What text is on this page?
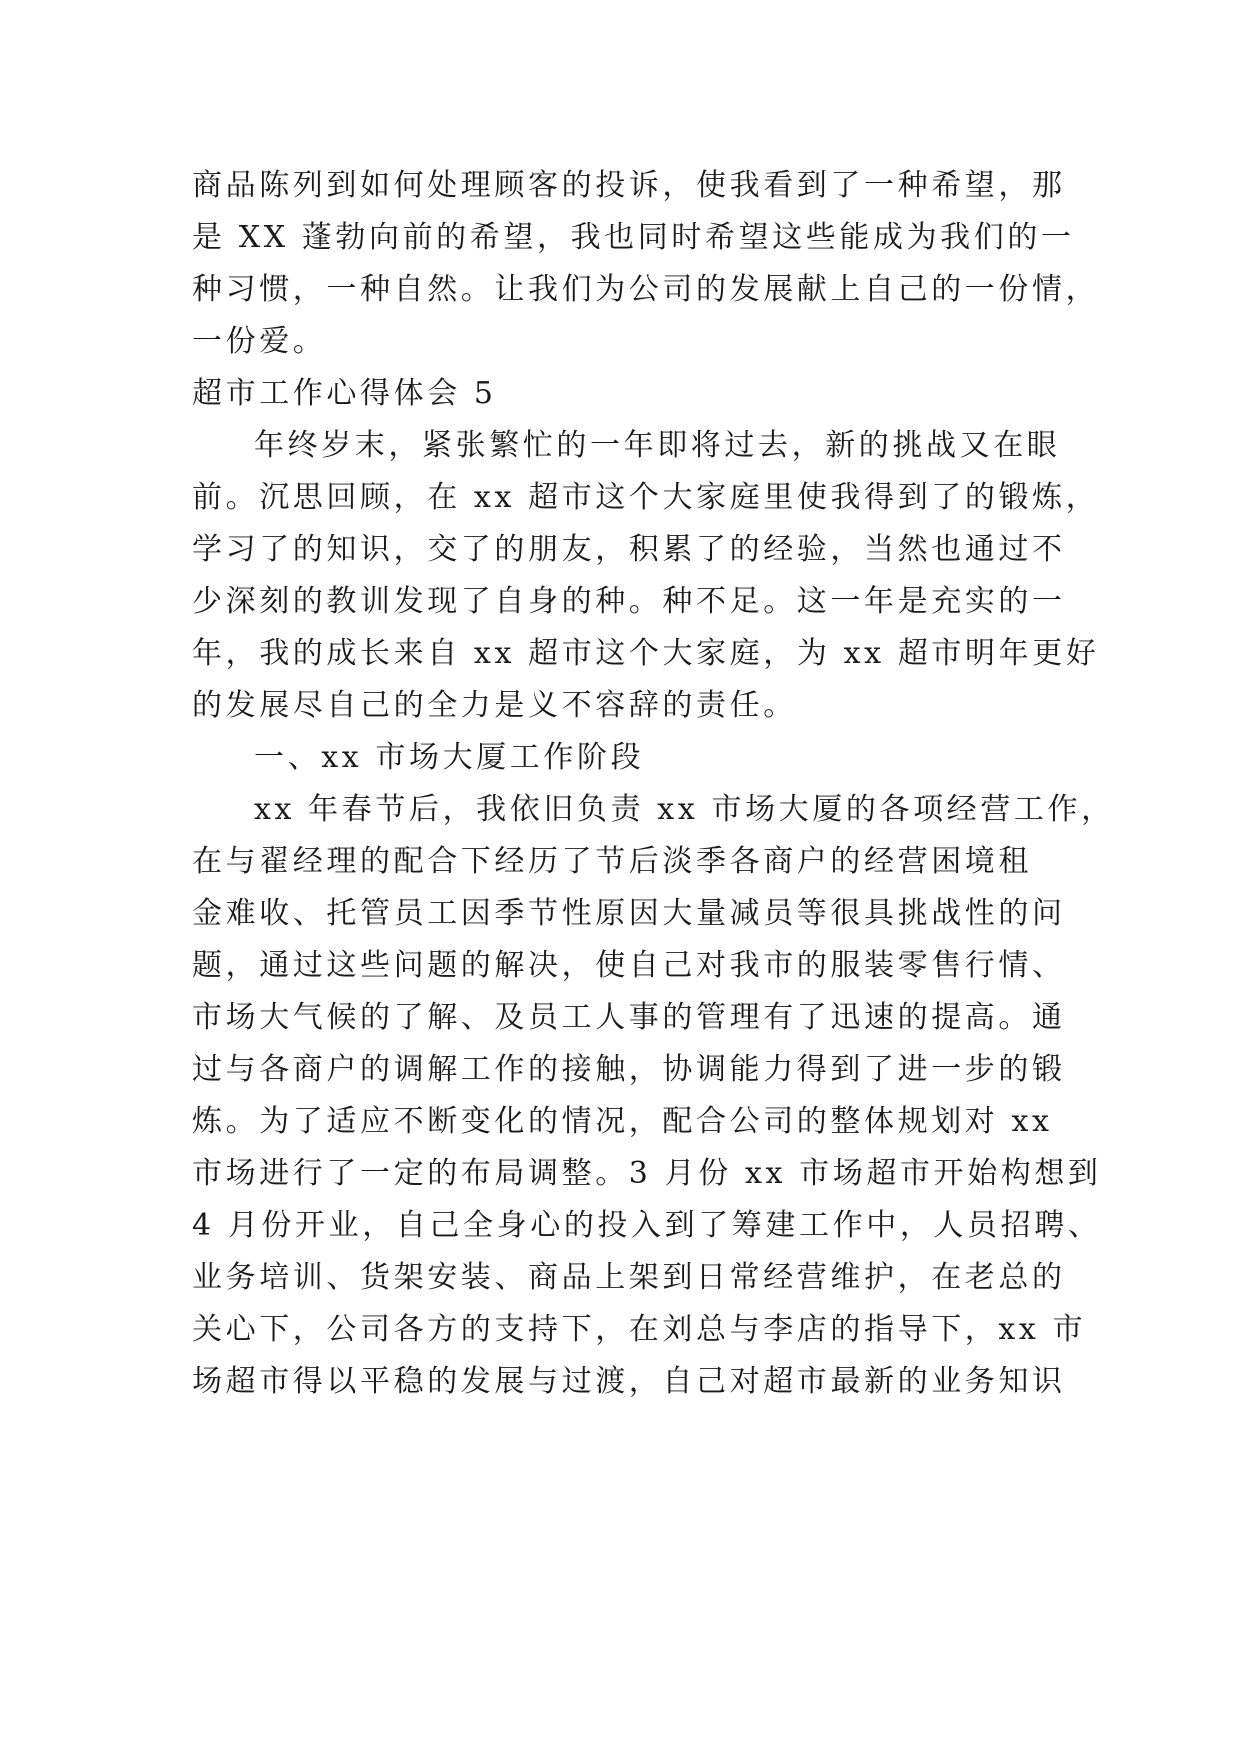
商品陈列到如何处理顾客的投诉，使我看到了一种希望，那
是 XX 蓬勃向前的希望，我也同时希望这些能成为我们的一
种习惯，一种自然。让我们为公司的发展献上自己的一份情，
一份爱。
超市工作心得体会 5
年终岁末，紧张繁忙的一年即将过去，新的挑战又在眼
前。沉思回顾，在 xx 超市这个大家庭里使我得到了的锻炼，
学习了的知识，交了的朋友，积累了的经验，当然也通过不
少深刻的教训发现了自身的种。种不足。这一年是充实的一
年，我的成长来自 xx 超市这个大家庭，为 xx 超市明年更好
的发展尽自己的全力是义不容辞的责任。
一、xx 市场大厦工作阶段
xx 年春节后，我依旧负责 xx 市场大厦的各项经营工作，
在与翟经理的配合下经历了节后淡季各商户的经营困境租
金难收、托管员工因季节性原因大量减员等很具挑战性的问
题，通过这些问题的解决，使自己对我市的服装零售行情、
市场大气候的了解、及员工人事的管理有了迅速的提高。通
过与各商户的调解工作的接触，协调能力得到了进一步的锻
炼。为了适应不断变化的情况，配合公司的整体规划对 xx
市场进行了一定的布局调整。3 月份 xx 市场超市开始构想到
4 月份开业，自己全身心的投入到了筹建工作中，人员招聘、
业务培训、货架安装、商品上架到日常经营维护，在老总的
关心下，公司各方的支持下，在刘总与李店的指导下，xx 市
场超市得以平稳的发展与过渡，自己对超市最新的业务知识
